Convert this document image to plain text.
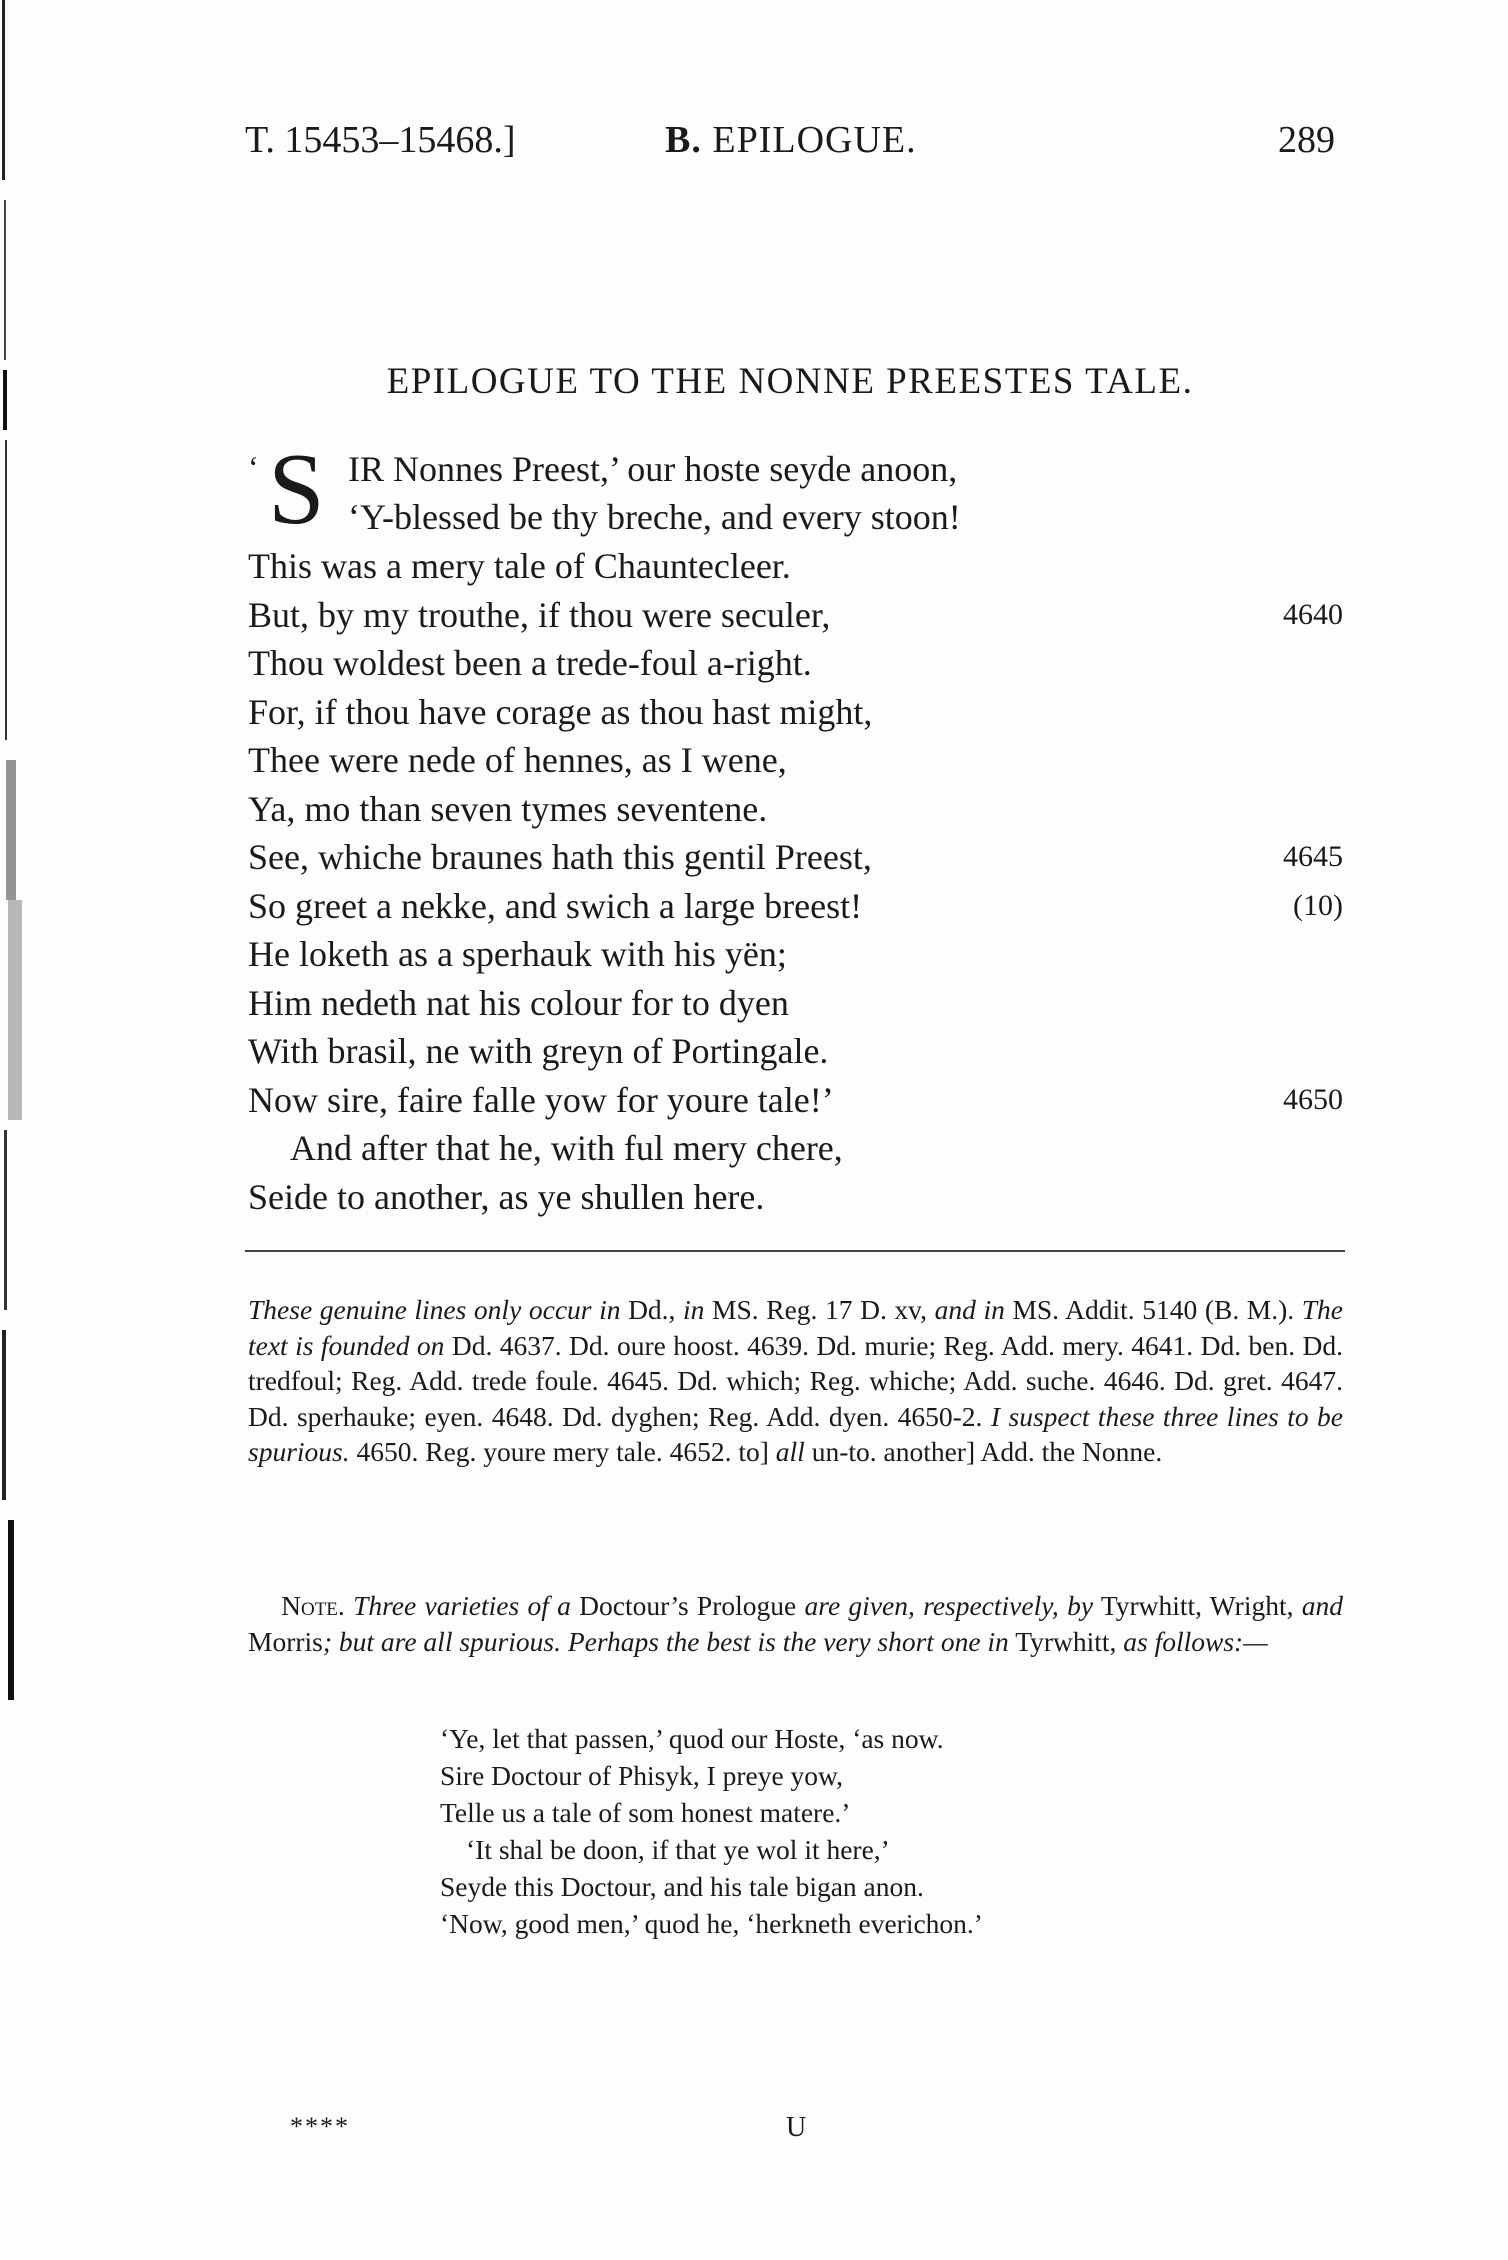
T. 15453–15468.]	B. EPILOGUE.	289
EPILOGUE TO THE NONNE PREESTES TALE.
‘ S IR Nonnes Preest,’ our hoste seyde anoon,
‘Y-blessed be thy breche, and every stoon!
This was a mery tale of Chauntecleer.
But, by my trouthe, if thou were seculer,	4640
Thou woldest been a trede-foul a-right.
For, if thou have corage as thou hast might,
Thee were nede of hennes, as I wene,
Ya, mo than seven tymes seventene.
See, whiche braunes hath this gentil Preest,	4645
So greet a nekke, and swich a large breest!	(10)
He loketh as a sperhauk with his yën;
Him nedeth nat his colour for to dyen
With brasil, ne with greyn of Portingale.
Now sire, faire falle yow for youre tale!’	4650
And after that he, with ful mery chere,
Seide to another, as ye shullen here.
These genuine lines only occur in Dd., in MS. Reg. 17 D. xv, and in MS. Addit. 5140 (B. M.). The text is founded on Dd. 4637. Dd. oure hoost. 4639. Dd. murie; Reg. Add. mery. 4641. Dd. ben. Dd. tredfoul; Reg. Add. trede foule. 4645. Dd. which; Reg. whiche; Add. suche. 4646. Dd. gret. 4647. Dd. sperhauke; eyen. 4648. Dd. dyghen; Reg. Add. dyen. 4650-2. I suspect these three lines to be spurious. 4650. Reg. youre mery tale. 4652. to] all un-to. another] Add. the Nonne.
Note. Three varieties of a Doctour’s Prologue are given, respectively, by Tyrwhitt, Wright, and Morris; but are all spurious. Perhaps the best is the very short one in Tyrwhitt, as follows:—
‘Ye, let that passen,’ quod our Hoste, ‘as now.
Sire Doctour of Phisyk, I preye yow,
Telle us a tale of som honest matere.’
‘It shal be doon, if that ye wol it here,’
Seyde this Doctour, and his tale bigan anon.
‘Now, good men,’ quod he, ‘herkneth everichon.’
****	U
